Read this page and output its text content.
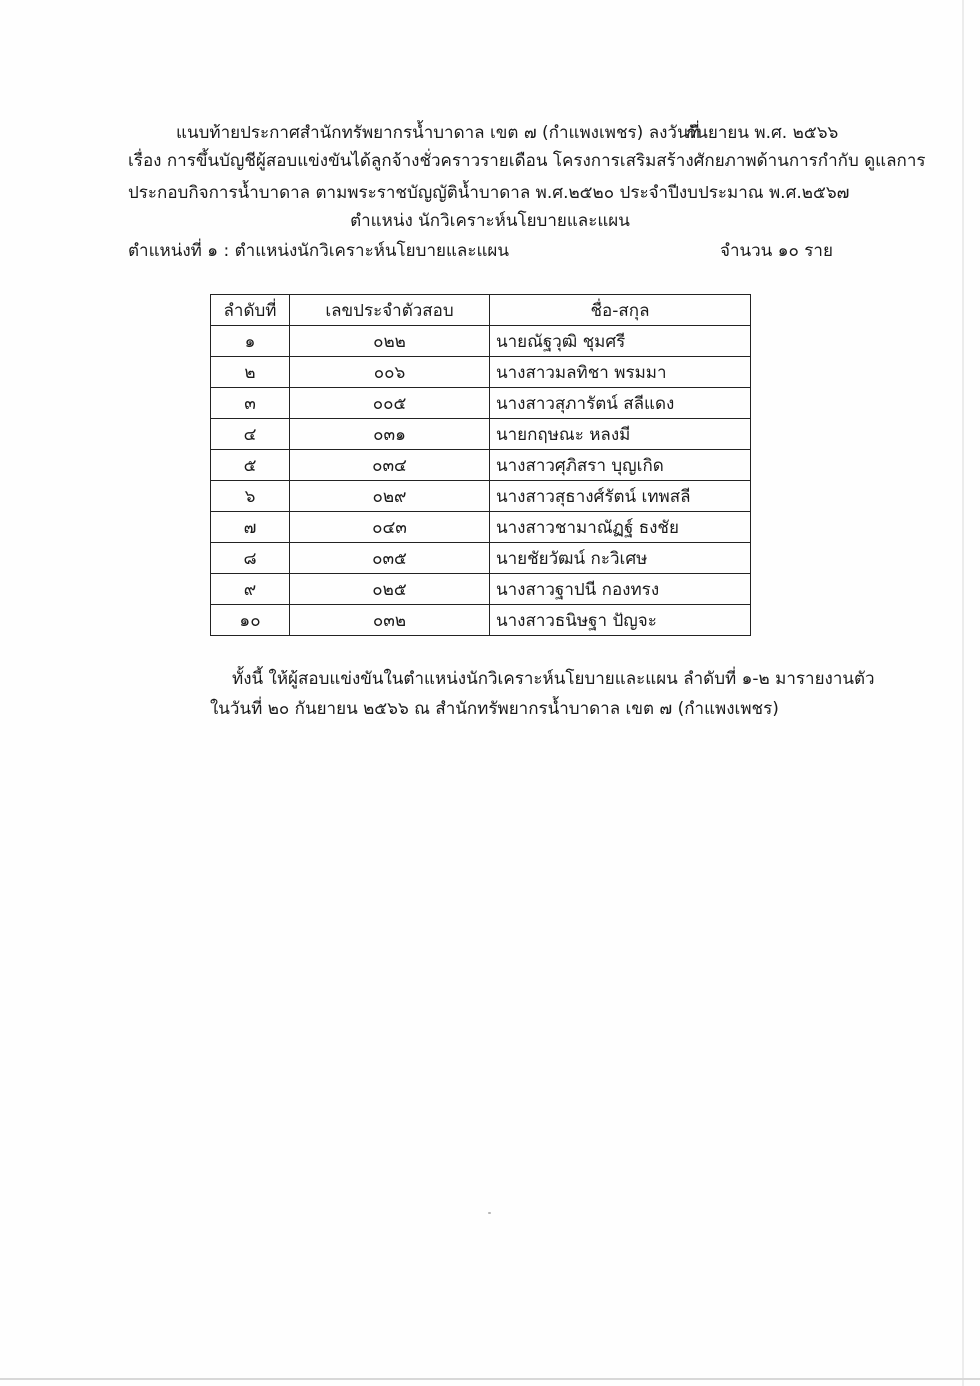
แนบท้ายประกาศสำนักทรัพยากรน้ำบาดาล เขต ๗ (กำแพงเพชร) ลงวันที่
กันยายน พ.ศ. ๒๕๖๖
เรื่อง การขึ้นบัญชีผู้สอบแข่งขันได้ลูกจ้างชั่วคราวรายเดือน โครงการเสริมสร้างศักยภาพด้านการกำกับ ดูแลการ
ประกอบกิจการน้ำบาดาล ตามพระราชบัญญัติน้ำบาดาล พ.ศ.๒๕๒๐ ประจำปีงบประมาณ พ.ศ.๒๕๖๗
ตำแหน่ง นักวิเคราะห์นโยบายและแผน
ตำแหน่งที่ ๑ : ตำแหน่งนักวิเคราะห์นโยบายและแผน	จำนวน ๑๐ ราย
ลำดับที่	เลขประจำตัวสอบ	ชื่อ-สกุล
๑	๐๒๒	นายณัฐวุฒิ ชุมศรี
๒	๐๐๖	นางสาวมลทิชา พรมมา
๓	๐๐๕	นางสาวสุภารัตน์ สลีแดง
๔	๐๓๑	นายกฤษณะ หลงมี
๕	๐๓๔	นางสาวศุภิสรา บุญเกิด
๖	๐๒๙	นางสาวสุธางศ์รัตน์ เทพสลี
๗	๐๔๓	นางสาวชามาณัฏฐ์ ธงชัย
๘	๐๓๕	นายชัยวัฒน์ กะวิเศษ
๙	๐๒๕	นางสาวฐาปนี กองทรง
๑๐	๐๓๒	นางสาวธนิษฐา ปัญจะ
ทั้งนี้ ให้ผู้สอบแข่งขันในตำแหน่งนักวิเคราะห์นโยบายและแผน ลำดับที่ ๑-๒ มารายงานตัว
ในวันที่ ๒๐ กันยายน ๒๕๖๖ ณ สำนักทรัพยากรน้ำบาดาล เขต ๗ (กำแพงเพชร)
